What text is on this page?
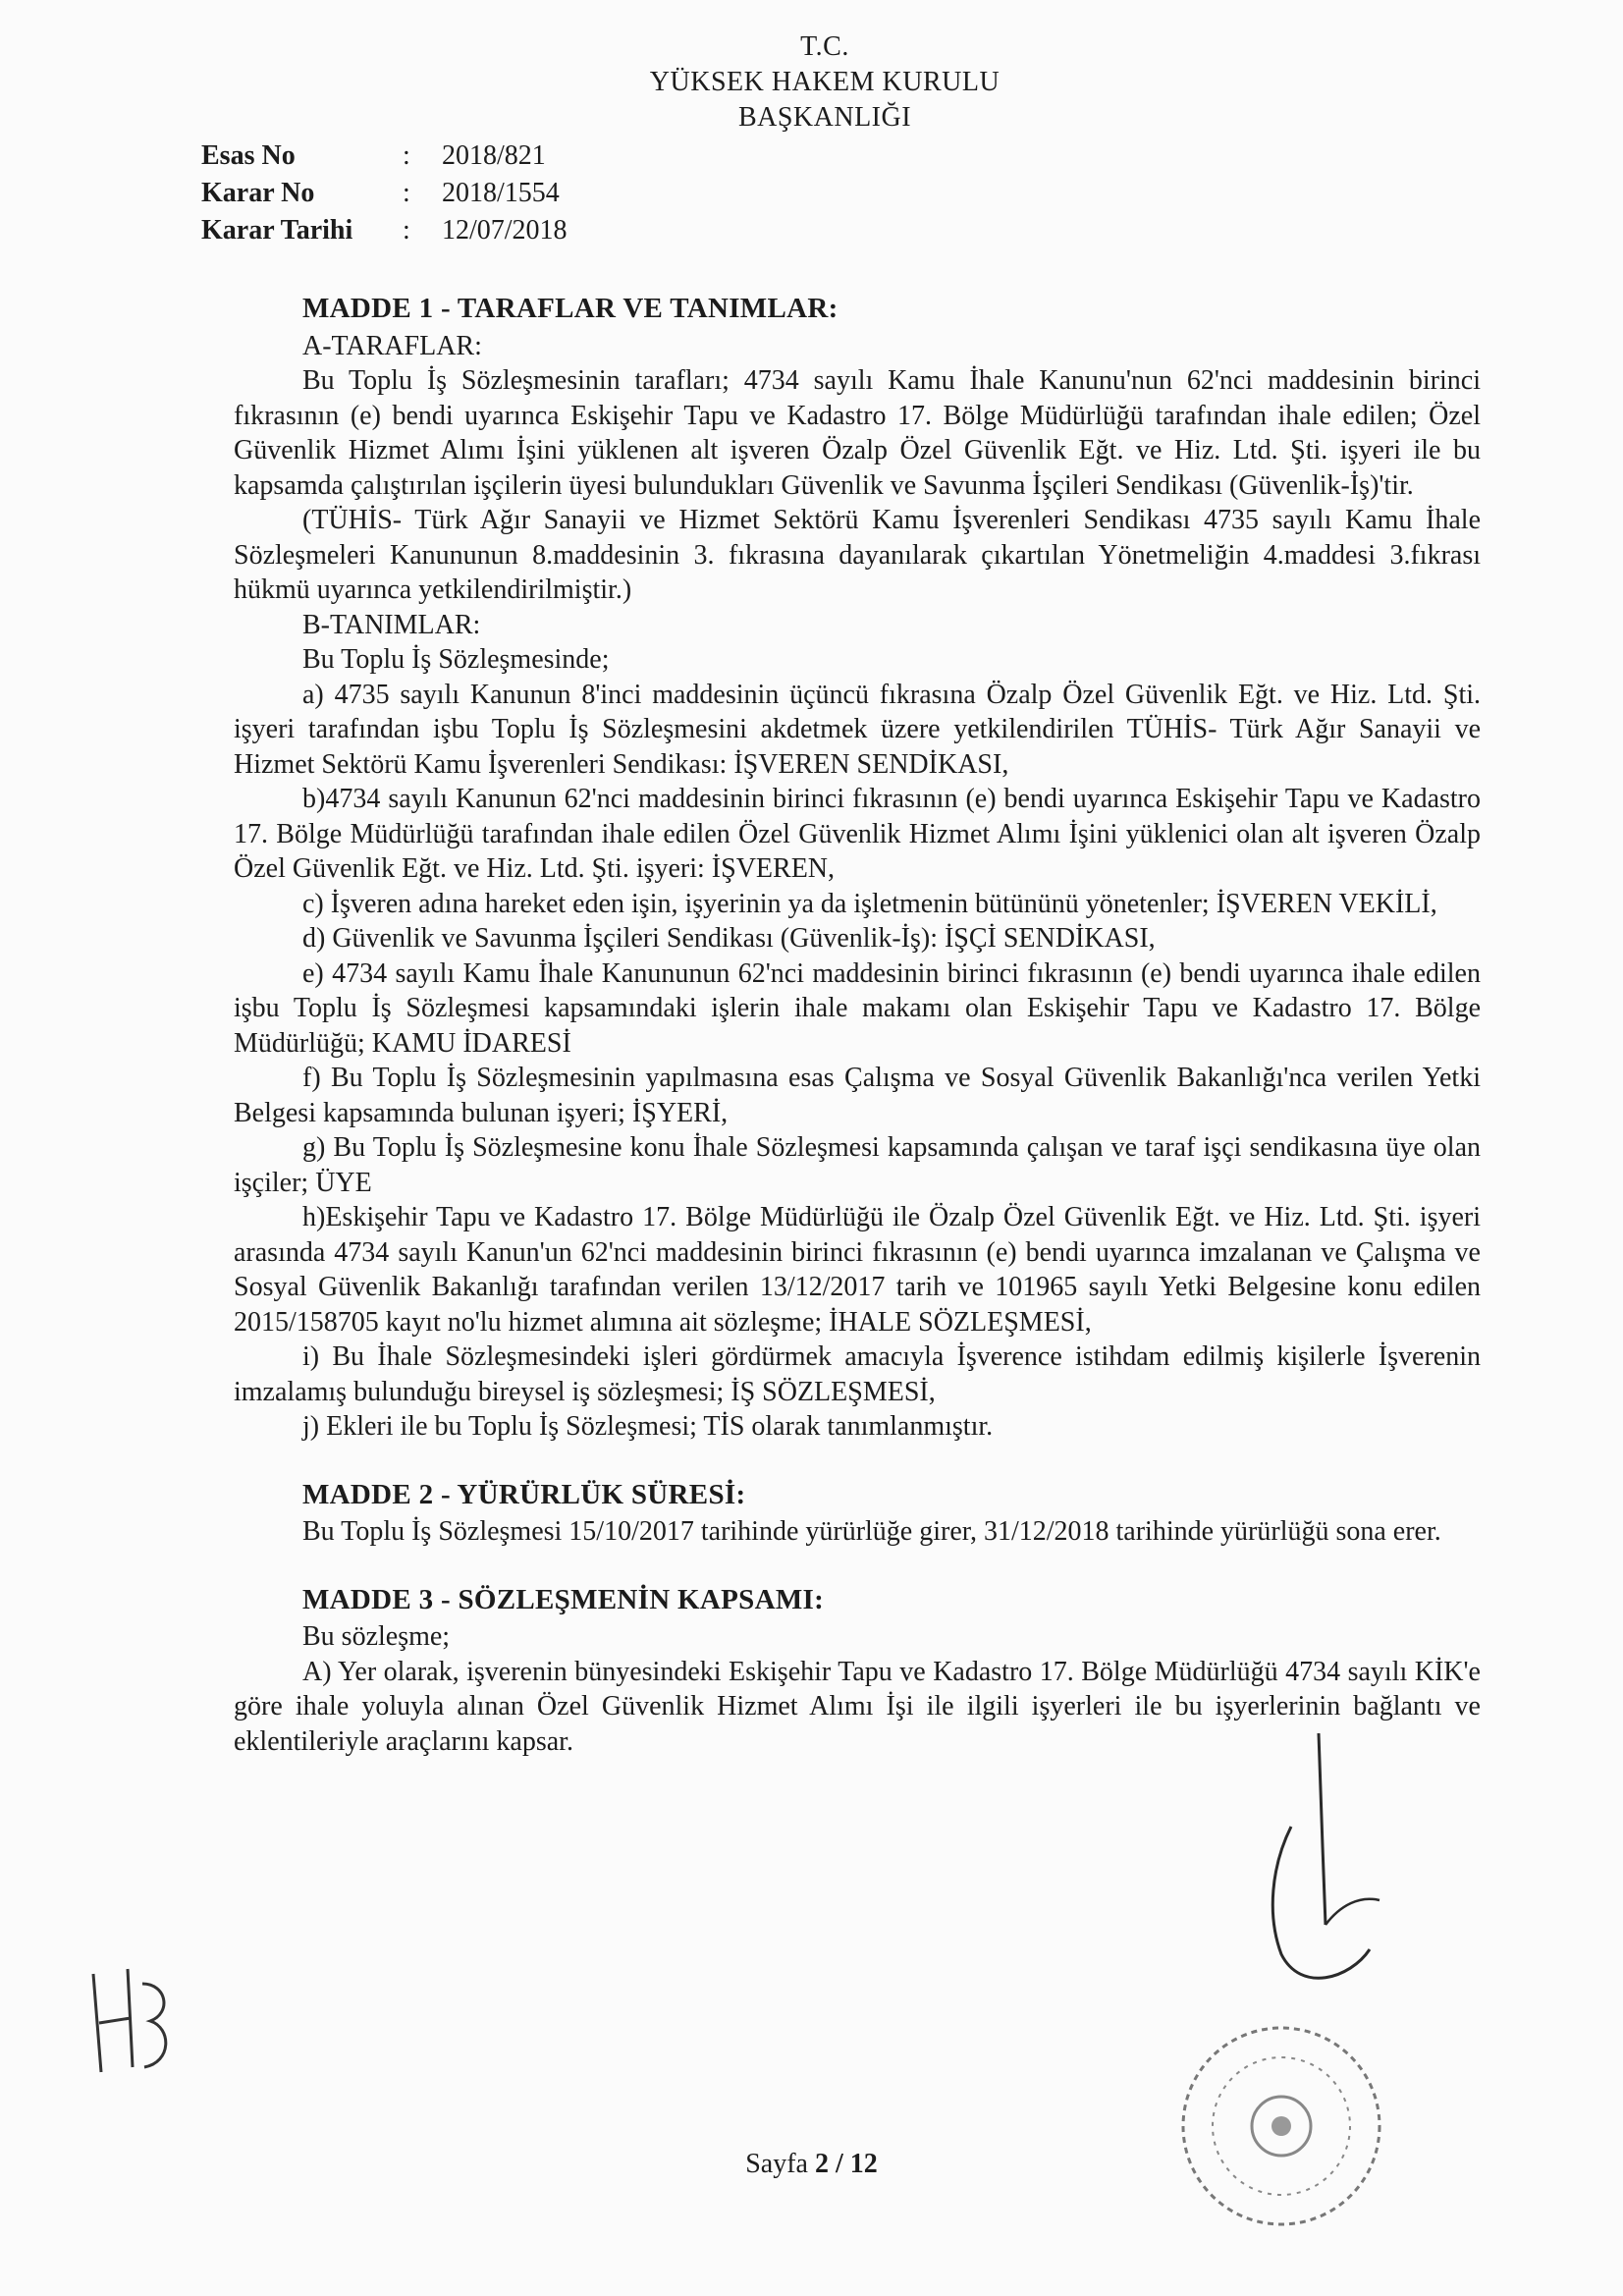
T.C.
YÜKSEK HAKEM KURULU
BAŞKANLIĞI
Esas No	:	2018/821
Karar No	:	2018/1554
Karar Tarihi	:	12/07/2018
MADDE 1 - TARAFLAR VE TANIMLAR:
A-TARAFLAR:
Bu Toplu İş Sözleşmesinin tarafları; 4734 sayılı Kamu İhale Kanunu'nun 62'nci maddesinin birinci fıkrasının (e) bendi uyarınca Eskişehir Tapu ve Kadastro 17. Bölge Müdürlüğü tarafından ihale edilen; Özel Güvenlik Hizmet Alımı İşini yüklenen alt işveren Özalp Özel Güvenlik Eğt. ve Hiz. Ltd. Şti. işyeri ile bu kapsamda çalıştırılan işçilerin üyesi bulundukları Güvenlik ve Savunma İşçileri Sendikası (Güvenlik-İş)'tir.
(TÜHİS- Türk Ağır Sanayii ve Hizmet Sektörü Kamu İşverenleri Sendikası 4735 sayılı Kamu İhale Sözleşmeleri Kanununun 8.maddesinin 3. fıkrasına dayanılarak çıkartılan Yönetmeliğin 4.maddesi 3.fıkrası hükmü uyarınca yetkilendirilmiştir.)
B-TANIMLAR:
Bu Toplu İş Sözleşmesinde;
a) 4735 sayılı Kanunun 8'inci maddesinin üçüncü fıkrasına Özalp Özel Güvenlik Eğt. ve Hiz. Ltd. Şti. işyeri tarafından işbu Toplu İş Sözleşmesini akdetmek üzere yetkilendirilen TÜHİS- Türk Ağır Sanayii ve Hizmet Sektörü Kamu İşverenleri Sendikası: İŞVEREN SENDİKASI,
b)4734 sayılı Kanunun 62'nci maddesinin birinci fıkrasının (e) bendi uyarınca Eskişehir Tapu ve Kadastro 17. Bölge Müdürlüğü tarafından ihale edilen Özel Güvenlik Hizmet Alımı İşini yüklenici olan alt işveren Özalp Özel Güvenlik Eğt. ve Hiz. Ltd. Şti. işyeri: İŞVEREN,
c) İşveren adına hareket eden işin, işyerinin ya da işletmenin bütününü yönetenler; İŞVEREN VEKİLİ,
d) Güvenlik ve Savunma İşçileri Sendikası (Güvenlik-İş): İŞÇİ SENDİKASI,
e) 4734 sayılı Kamu İhale Kanununun 62'nci maddesinin birinci fıkrasının (e) bendi uyarınca ihale edilen işbu Toplu İş Sözleşmesi kapsamındaki işlerin ihale makamı olan Eskişehir Tapu ve Kadastro 17. Bölge Müdürlüğü; KAMU İDARESİ
f) Bu Toplu İş Sözleşmesinin yapılmasına esas Çalışma ve Sosyal Güvenlik Bakanlığı'nca verilen Yetki Belgesi kapsamında bulunan işyeri; İŞYERİ,
g) Bu Toplu İş Sözleşmesine konu İhale Sözleşmesi kapsamında çalışan ve taraf işçi sendikasına üye olan işçiler; ÜYE
h)Eskişehir Tapu ve Kadastro 17. Bölge Müdürlüğü ile Özalp Özel Güvenlik Eğt. ve Hiz. Ltd. Şti. işyeri arasında 4734 sayılı Kanun'un 62'nci maddesinin birinci fıkrasının (e) bendi uyarınca imzalanan ve Çalışma ve Sosyal Güvenlik Bakanlığı tarafından verilen 13/12/2017 tarih ve 101965 sayılı Yetki Belgesine konu edilen 2015/158705 kayıt no'lu hizmet alımına ait sözleşme; İHALE SÖZLEŞMESİ,
i) Bu İhale Sözleşmesindeki işleri gördürmek amacıyla İşverence istihdam edilmiş kişilerle İşverenin imzalamış bulunduğu bireysel iş sözleşmesi; İŞ SÖZLEŞMESİ,
j) Ekleri ile bu Toplu İş Sözleşmesi; TİS olarak tanımlanmıştır.
MADDE 2 - YÜRÜRLÜK SÜRESİ:
Bu Toplu İş Sözleşmesi 15/10/2017 tarihinde yürürlüğe girer, 31/12/2018 tarihinde yürürlüğü sona erer.
MADDE 3 - SÖZLEŞMENİN KAPSAMI:
Bu sözleşme;
A) Yer olarak, işverenin bünyesindeki Eskişehir Tapu ve Kadastro 17. Bölge Müdürlüğü 4734 sayılı KİK'e göre ihale yoluyla alınan Özel Güvenlik Hizmet Alımı İşi ile ilgili işyerleri ile bu işyerlerinin bağlantı ve eklentileriyle araçlarını kapsar.
Sayfa 2 / 12
